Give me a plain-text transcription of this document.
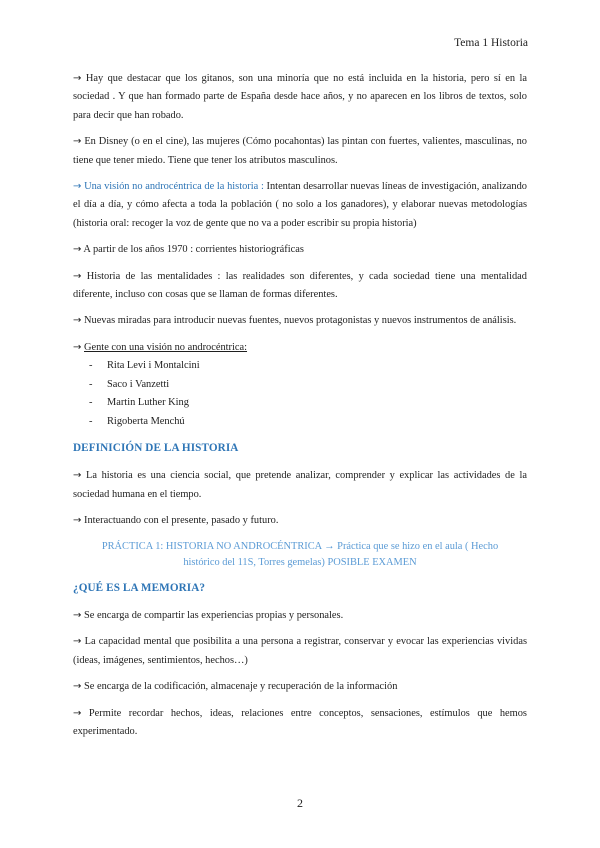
Tema 1 Historia

→ Hay que destacar que los gitanos, son una minoría que no está incluida en la historia, pero sí en la sociedad . Y que han formado parte de España desde hace años, y no aparecen en los libros de textos, solo para decir que han robado.

→ En Disney (o en el cine), las mujeres (Cómo pocahontas) las pintan con fuertes, valientes, masculinas, no tiene que tener miedo. Tiene que tener los atributos masculinos.

→ Una visión no androcéntrica de la historia : Intentan desarrollar nuevas líneas de investigación, analizando el día a día, y cómo afecta a toda la población ( no solo a los ganadores), y elaborar nuevas metodologías (historia oral: recoger la voz de gente que no va a poder escribir su propia historia)

→ A partir de los años 1970 : corrientes historiográficas

→ Historia de las mentalidades : las realidades son diferentes, y cada sociedad tiene una mentalidad diferente, incluso con cosas que se llaman de formas diferentes.

→ Nuevas miradas para introducir nuevas fuentes, nuevos protagonistas y nuevos instrumentos de análisis.

→ Gente con una visión no androcéntrica:

-	Rita Levi i Montalcini
-	Saco i Vanzetti
-	Martin Luther King
-	Rigoberta Menchú
DEFINICIÓN DE LA HISTORIA

→ La historia es una ciencia social, que pretende analizar, comprender y explicar las actividades de la sociedad humana en el tiempo.

→ Interactuando con el presente, pasado y futuro.

PRÁCTICA 1: HISTORIA NO ANDROCÉNTRICA → Práctica que se hizo en el aula ( Hecho
histórico del 11S, Torres gemelas) POSIBLE EXAMEN
¿QUÉ ES LA MEMORIA?

→ Se encarga de compartir las experiencias propias y personales.

→ La capacidad mental que posibilita a una persona a registrar, conservar y evocar las experiencias vividas (ideas, imágenes, sentimientos, hechos…)

→ Se encarga de la codificación, almacenaje y recuperación de la información

→ Permite recordar hechos, ideas, relaciones entre conceptos, sensaciones, estímulos que hemos experimentado.

2
